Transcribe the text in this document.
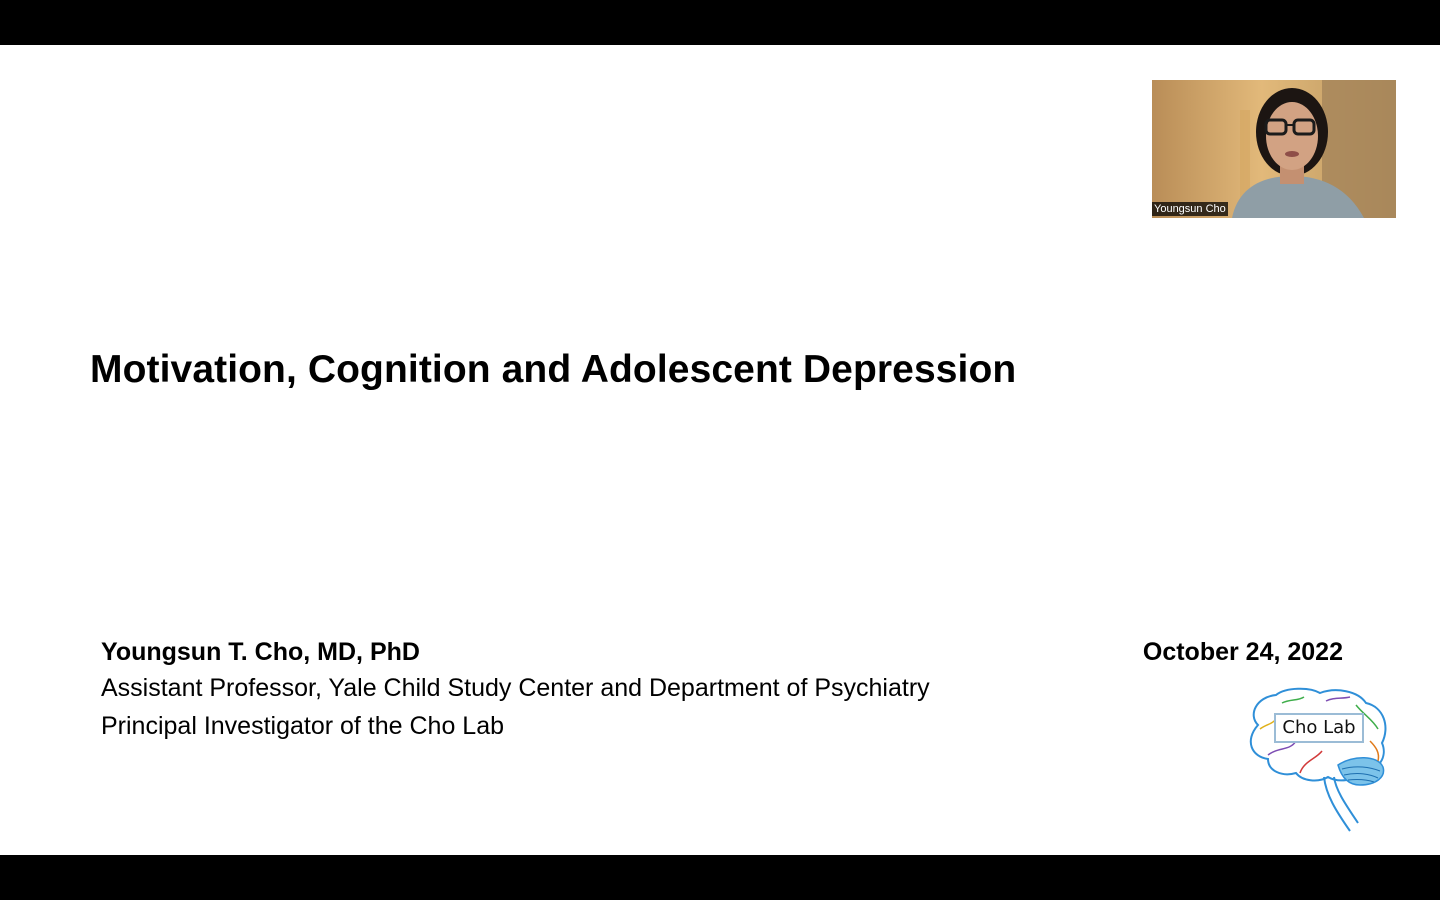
Motivation, Cognition and Adolescent Depression
Youngsun T. Cho, MD, PhD
Assistant Professor, Yale Child Study Center and Department of Psychiatry
Principal Investigator of the Cho Lab
October 24, 2022
Cho Lab
Youngsun Cho
